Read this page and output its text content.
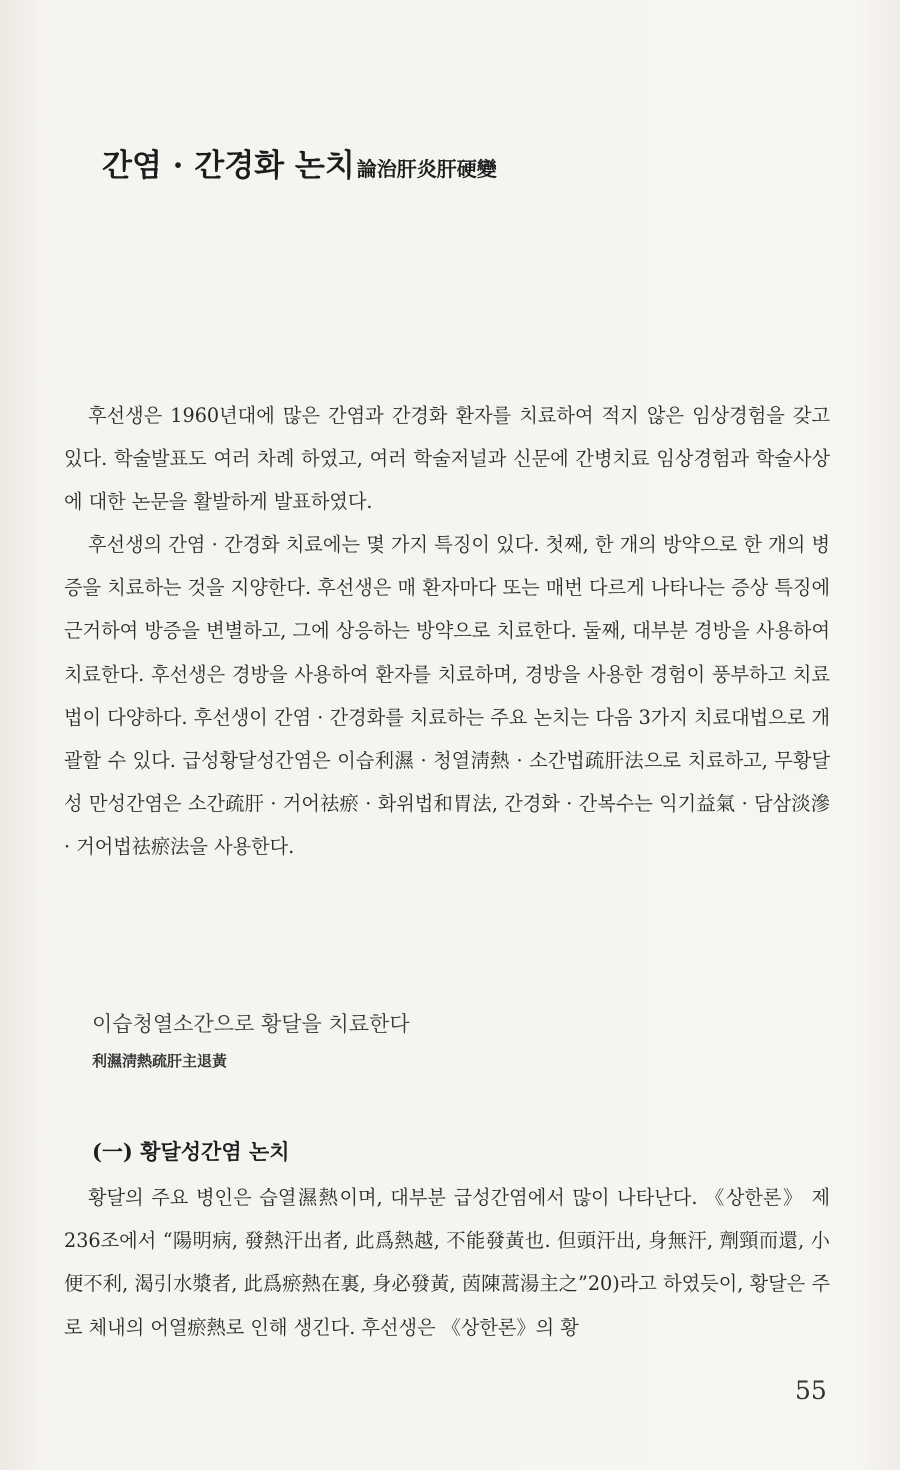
간염 · 간경화 논치 論治肝炎肝硬變

후선생은 1960년대에 많은 간염과 간경화 환자를 치료하여 적지 않은 임상경험을 갖고 있다. 학술발표도 여러 차례 하였고, 여러 학술저널과 신문에 간병치료 임상경험과 학술사상에 대한 논문을 활발하게 발표하였다.

후선생의 간염 · 간경화 치료에는 몇 가지 특징이 있다. 첫째, 한 개의 방약으로 한 개의 병증을 치료하는 것을 지양한다. 후선생은 매 환자마다 또는 매번 다르게 나타나는 증상 특징에 근거하여 방증을 변별하고, 그에 상응하는 방약으로 치료한다. 둘째, 대부분 경방을 사용하여 치료한다. 후선생은 경방을 사용하여 환자를 치료하며, 경방을 사용한 경험이 풍부하고 치료법이 다양하다. 후선생이 간염 · 간경화를 치료하는 주요 논치는 다음 3가지 치료대법으로 개괄할 수 있다. 급성황달성간염은 이습利濕 · 청열淸熱 · 소간법疏肝法으로 치료하고, 무황달성 만성간염은 소간疏肝 · 거어祛瘀 · 화위법和胃法, 간경화 · 간복수는 익기益氣 · 담삼淡滲 · 거어법祛瘀法을 사용한다.

이습청열소간으로 황달을 치료한다
利濕淸熱疏肝主退黃
(一) 황달성간염 논치

황달의 주요 병인은 습열濕熱이며, 대부분 급성간염에서 많이 나타난다. 《상한론》 제236조에서 “陽明病, 發熱汗出者, 此爲熱越, 不能發黃也. 但頭汗出, 身無汗, 劑頸而還, 小便不利, 渴引水漿者, 此爲瘀熱在裏, 身必發黃, 茵陳蒿湯主之”20)라고 하였듯이, 황달은 주로 체내의 어열瘀熱로 인해 생긴다. 후선생은 《상한론》의 황

55
